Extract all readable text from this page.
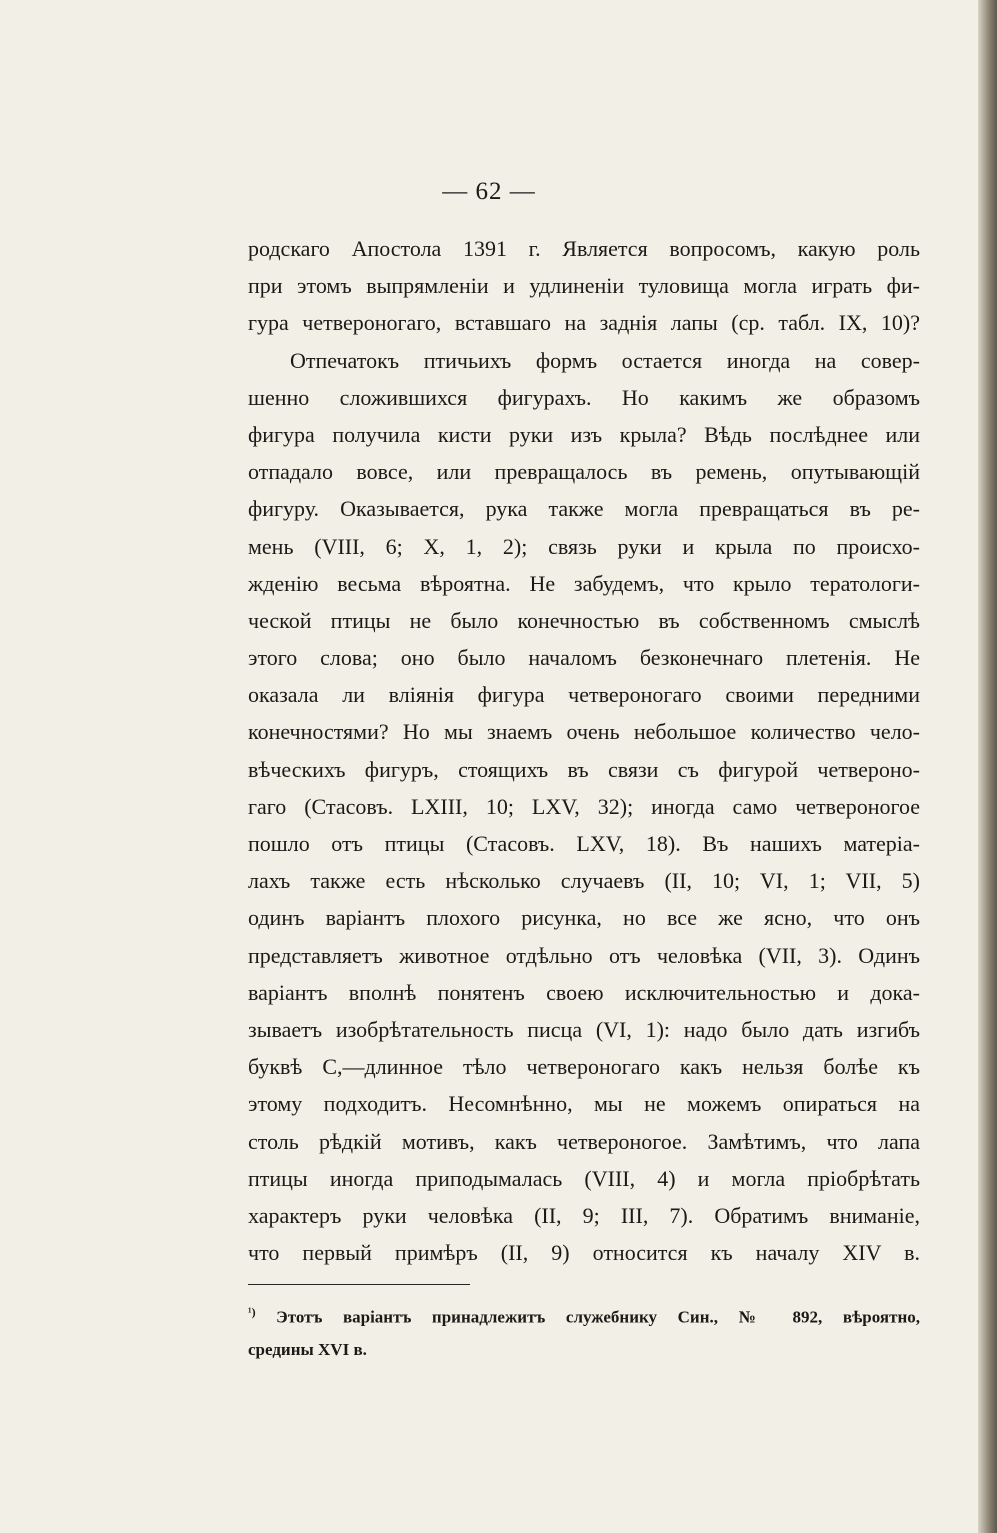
— 62 —
родскаго Апостола 1391 г. Является вопросомъ, какую роль
при этомъ выпрямленіи и удлиненіи туловища могла играть фи-
гура четвероногаго, вставшаго на заднія лапы (ср. табл. IX, 10)?
Отпечатокъ птичьихъ формъ остается иногда на совер-
шенно сложившихся фигурахъ. Но какимъ же образомъ
фигура получила кисти руки изъ крыла? Вѣдь послѣднее или
отпадало вовсе, или превращалось въ ремень, опутывающій
фигуру. Оказывается, рука также могла превращаться въ ре-
мень (VIII, 6; X, 1, 2); связь руки и крыла по происхо-
жденію весьма вѣроятна. Не забудемъ, что крыло тератологи-
ческой птицы не было конечностью въ собственномъ смыслѣ
этого слова; оно было началомъ безконечнаго плетенія. Не
оказала ли вліянія фигура четвероногаго своими передними
конечностями? Но мы знаемъ очень небольшое количество чело-
вѣческихъ фигуръ, стоящихъ въ связи съ фигурой четвероно-
гаго (Стасовъ. LXIII, 10; LXV, 32); иногда само четвероногое
пошло отъ птицы (Стасовъ. LXV, 18). Въ нашихъ матеріа-
лахъ также есть нѣсколько случаевъ (II, 10; VI, 1; VII, 5)
одинъ варіантъ плохого рисунка, но все же ясно, что онъ
представляетъ животное отдѣльно отъ человѣка (VII, 3). Одинъ
варіантъ вполнѣ понятенъ своею исключительностью и дока-
зываетъ изобрѣтательность писца (VI, 1): надо было дать изгибъ
буквѣ С,—длинное тѣло четвероногаго какъ нельзя болѣе къ
этому подходитъ. Несомнѣнно, мы не можемъ опираться на
столь рѣдкій мотивъ, какъ четвероногое. Замѣтимъ, что лапа
птицы иногда приподымалась (VIII, 4) и могла пріобрѣтать
характеръ руки человѣка (II, 9; III, 7). Обратимъ вниманіе,
что первый примѣръ (II, 9) относится къ началу XIV в.
$^{^1)}$ Этотъ варіантъ принадлежитъ служебнику Син., № 892, вѣроятно,
средины XVI в.
